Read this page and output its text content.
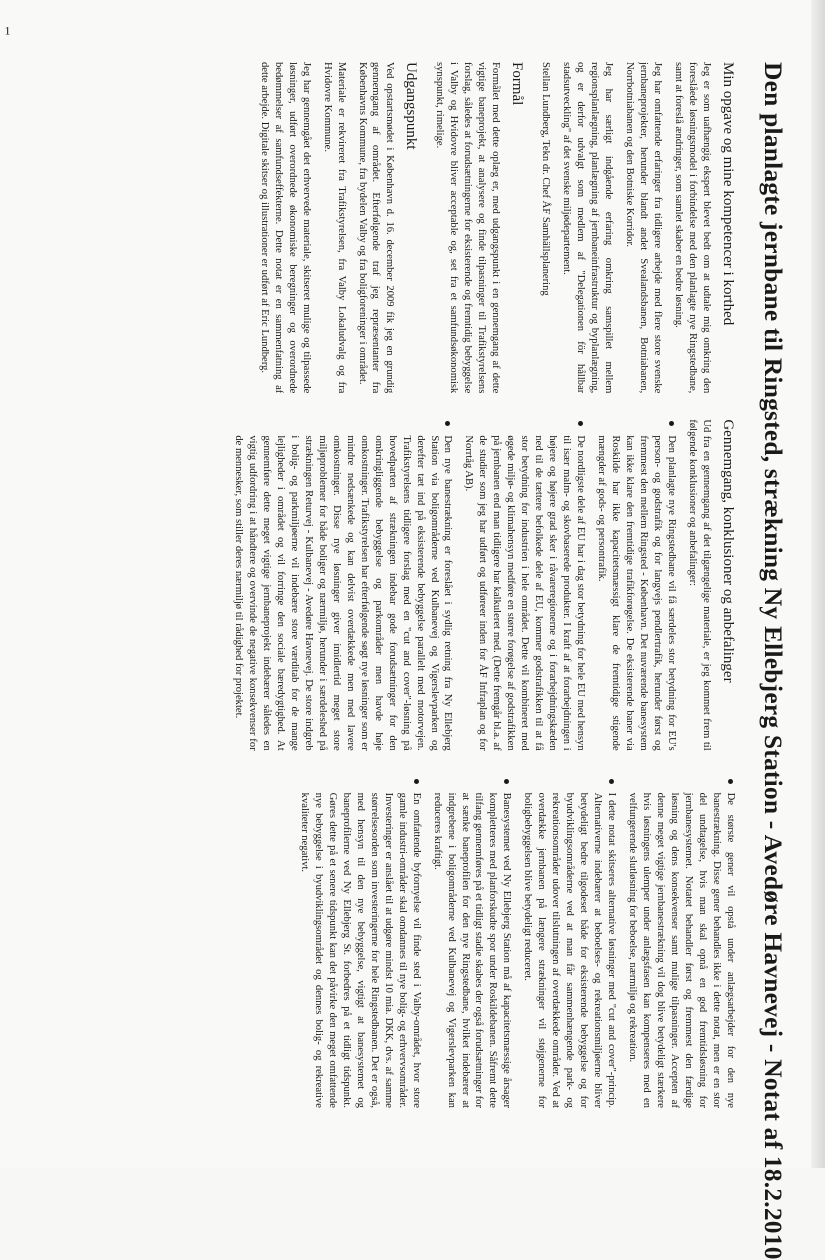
Den planlagte jernbane til Ringsted, strækning Ny Ellebjerg Station - Avedøre Havnevej - Notat af 18.2.2010
Min opgave og mine kompetencer i korthed

Jeg er som uafhængig ekspert blevet bedt om at udtale mig omkring den foreslåede løsningsmodel i forbindelse med den planlagte nye Ringstedbane, samt at foreslå ændringer, som samlet skaber en bedre løsning.

Jeg har omfattende erfaringer fra tidligere arbejde med flere store svenske jernbaneprojekter, herunder blandt andet Svealandsbanen, Botniabanen, Norrbotniabanen og den Botniske Korridor.

Jeg har særligt indgående erfaring omkring samspillet mellem regionsplanlægning, planlægning af jernbaneinfrastruktur og byplanlægning, og er derfor udvalgt som medlem af "Delegationen för hållbar stadsutveckling" af det svenske miljødepartement.

Stellan Lundberg, Tekn dr. Chef ÅF Samhällsplanering

Formål

Formålet med dette oplæg er, med udgangspunkt i en gennemgang af dette vigtige baneprojekt, at analysere og finde tilpasninger til Trafikstyrelsens forslag, således at forudsætningerne for eksisterende og fremtidig bebyggelse i Valby og Hvidovre bliver acceptable og, set fra et samfundsøkonomisk synspunkt, rimelige.

Udgangspunkt

Ved opstartsmødet i København d. 16. december 2009 fik jeg en grundig gennemgang af området. Efterfølgende traf jeg repræsentanter fra Københavns Kommune, fra bydelen Valby og fra boligforeninger i området.

Materiale er rekvireret fra Trafikstyrelsen, fra Valby Lokaludvalg og fra Hvidovre Kommune.

Jeg har gennemgået det erhvervede materiale, skitseret mulige og tilpassede løsninger, udført overordnede økonomiske beregninger og overordnede bedømmelser af samfundseffekterne. Dette notat er en sammenfatning af dette arbejde. Digitale skitser og illustrationer er udført af Eric Lundberg.

Gennemgang, konklusioner og anbefalinger

Ud fra en gennemgang af det tilgængelige materiale, er jeg kommet frem til følgende konklusioner og anbefalinger:

Den planlagte nye Ringstedbane vil få særdeles stor betydning for EU's person- og godstrafik og for langvejs pendlertrafik, herunder først og fremmest den mellem Ringsted - København. Det nuværende banesystem kan ikke klare den fremtidige trafikforøgelse. De eksisterende baner via Roskilde har ikke kapacitetsmæssigt klare de fremtidige stigende mængder af gods- og persontrafik.
De nordligste dele af EU har i dag stor betydning for hele EU med hensyn til især malm- og skovbaserede produkter. I kraft af at forarbejdningen i højere og højere grad sker i råvareregionerne og i forarbejdningskæden ned til de tættere befolkede dele af EU, kommer godstrafikken til at få stor betydning for industrien i hele området. Dette vil kombineret med øgede miljø- og klimahensyn medføre en større forøgelse af godstrafikken på jernbanen end man tidligere har kalkuleret med. (Dette fremgår bl.a. af de studier som jeg har udført og udføreer inden for ÅF Infraplan og for Norrtåg AB).
Den nye banestrækning er foreslået i sydlig retning fra Ny Ellebjerg Station via boligområderne ved Kulbanevej og Vigerslevparken og derefter tæt ind på eksisterende bebyggelse parallelt med motorvejen. Trafikstyrelsens tidligere forslag med en "cut and cover"-løsning på hovedparten af strækningen indebar gode forudsætninger for den omkringliggende bebyggelse og parkområder men havde høje omkostninger. Trafikstyrelsen har efterfølgende søgt nye løsninger som er mindre nedsænkede og kan delvist overdækkede men med lavere omkostninger. Disse nye løsninger giver imidlertid meget store miljøproblemer for både boliger og nærmiljø, herunder i særdeleshed på strækningen Returvej - Kulbanevej - Avedøre Havnevej. De store indgreb i bolig- og parkmiljøerne vil indebære store værditab for de mange lejligheder i området og vil forringe den sociale bæredygtighed. At gennemføre dette meget vigtige jernbaneprojekt indebærer således en vigtig udfordring i at håndtere og overvinde de negative konsekvenser for de mennesker, som stiller deres nærmiljø til rådighed for projektet.
De største gener vil opstå under anlægsarbejder for den nye banestrækning. Disse gener behandles ikke i dette notat, men er en stor del undtagelse, hvis man skal opnå en god fremtidsløsning for jernbanesystemet. Notatet behandler først og fremmest den færdige løsning og dens konsekvenser samt mulige tilpasninger. Accepten af denne meget vigtige jernbanestrækning vil dog blive betydeligt stærkere hvis løsningens ulemper under anlægsfasen kan kompenseres med en velfungerende slutløsning for beboelse, nærmiljø og rekreation.
I dette notat skitseres alternative løsninger med "cut and cover"-princip. Alternativerne indebærer at beboelses- og rekreationsmiljøerne bliver betydeligt bedre tilgodeset både for eksisterende bebyggelse og for byudviklingsområderne ved at man får sammenhængende park- og rekreationsområder udover tilslutningen af overdækkede områder. Ved at overdække jernbanen på længere strækninger vil støjgenerne for boligbebyggelsen blive betydeligt reduceret.
Banesystemet ved Ny Ellebjerg Station må af kapacitetsmæssige årsager kompletteres med planforskudte spor under Roskildebanen. Såfremt dette tilfang gennemføres på et tidligt stadie skabes der også forudsætninger for at sænke baneprofilen for den nye Ringstedbane, hvilket indebærer at indgrebene i boligområderne ved Kulbanevej og Vigerslevparken kan reduceres kraftigt.
En omfattende byfornyelse vil finde sted i Valby-området, hvor store gamle industri-områder skal omdannes til nye bolig- og erhvervsområder. Investeringer er anslået til at udgøre mindst 10 mia. DKK, dvs. af samme størrelsesorden som investeringerne for hele Ringstedbanen. Det er også, med hensyn til den nye bebyggelse, vigtigt at banesystemet og baneprofilerne ved Ny Ellebjerg St. forbedres på et tidligt tidspunkt. Gøres dette på et senere tidspunkt kan det påvirke den meget omfattende nye bebyggelse i byudviklingsområdet og dennes bolig- og rekreative kvaliteter negativt.
1
